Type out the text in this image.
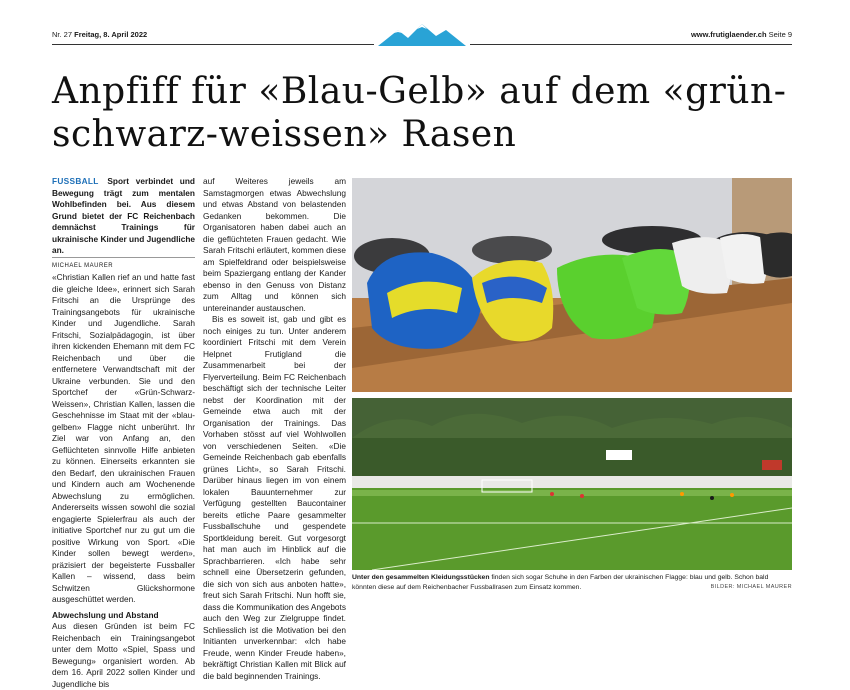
Nr. 27 Freitag, 8. April 2022	www.frutiglaender.ch Seite 9
Anpfiff für «Blau-Gelb» auf dem «grün-schwarz-weissen» Rasen

FUSSBALL Sport verbindet und Bewegung trägt zum mentalen Wohlbefinden bei. Aus diesem Grund bietet der FC Reichenbach demnächst Trainings für ukrainische Kinder und Jugendliche an.

MICHAEL MAURER

«Christian Kallen rief an und hatte fast die gleiche Idee», erinnert sich Sarah Fritschi an die Ursprünge des Trainingsangebots für ukrainische Kinder und Jugendliche. Sarah Fritschi, Sozialpädagogin, ist über ihren kickenden Ehemann mit dem FC Reichenbach und über die entfernetere Verwandtschaft mit der Ukraine verbunden. Sie und den Sportchef der «Grün-Schwarz-Weissen», Christian Kallen, lassen die Geschehnisse im Staat mit der «blau-gelben» Flagge nicht unberührt. Ihr Ziel war von Anfang an, den Geflüchteten sinnvolle Hilfe anbieten zu können. Einerseits erkannten sie den Bedarf, den ukrainischen Frauen und Kindern auch am Wochenende Abwechslung zu ermöglichen. Andererseits wissen sowohl die sozial engagierte Spielerfrau als auch der initiative Sportchef nur zu gut um die positive Wirkung von Sport. «Die Kinder sollen bewegt werden», präzisiert der begeisterte Fussballer Kallen – wissend, dass beim Schwitzen Glückshormone ausgeschüttet werden.

Abwechslung und Abstand

Aus diesen Gründen ist beim FC Reichenbach ein Trainingsangebot unter dem Motto «Spiel, Spass und Bewegung» organisiert worden. Ab dem 16. April 2022 sollen Kinder und Jugendliche bis

auf Weiteres jeweils am Samstagmorgen etwas Abwechslung und etwas Abstand von belastenden Gedanken bekommen. Die Organisatoren haben dabei auch an die geflüchteten Frauen gedacht. Wie Sarah Fritschi erläutert, kommen diese am Spielfeldrand oder beispielsweise beim Spaziergang entlang der Kander ebenso in den Genuss von Distanz zum Alltag und können sich untereinander austauschen.

Bis es soweit ist, gab und gibt es noch einiges zu tun. Unter anderem koordiniert Fritschi mit dem Verein Helpnet Frutigland die Zusammenarbeit bei der Flyerverteilung. Beim FC Reichenbach beschäftigt sich der technische Leiter nebst der Koordination mit der Gemeinde etwa auch mit der Organisation der Trainings. Das Vorhaben stösst auf viel Wohlwollen von verschiedenen Seiten. «Die Gemeinde Reichenbach gab ebenfalls grünes Licht», so Sarah Fritschi. Darüber hinaus liegen im von einem lokalen Bauunternehmer zur Verfügung gestellten Baucontainer bereits etliche Paare gesammelter Fussballschuhe und gespendete Sportkleidung bereit. Gut vorgesorgt hat man auch im Hinblick auf die Sprachbarrieren. «Ich habe sehr schnell eine Übersetzerin gefunden, die sich von sich aus anboten hatte», freut sich Sarah Fritschi. Nun hofft sie, dass die Kommunikation des Angebots auch den Weg zur Zielgruppe findet. Schliesslich ist die Motivation bei den Initianten unverkennbar: «Ich habe Freude, wenn Kinder Freude haben», bekräftigt Christian Kallen mit Blick auf die bald beginnenden Trainings.

Unter den gesammelten Kleidungsstücken finden sich sogar Schuhe in den Farben der ukrainischen Flagge: blau und gelb. Schon bald könnten diese auf dem Reichenbacher Fussballrasen zum Einsatz kommen.	BILDER: MICHAEL MAURER
